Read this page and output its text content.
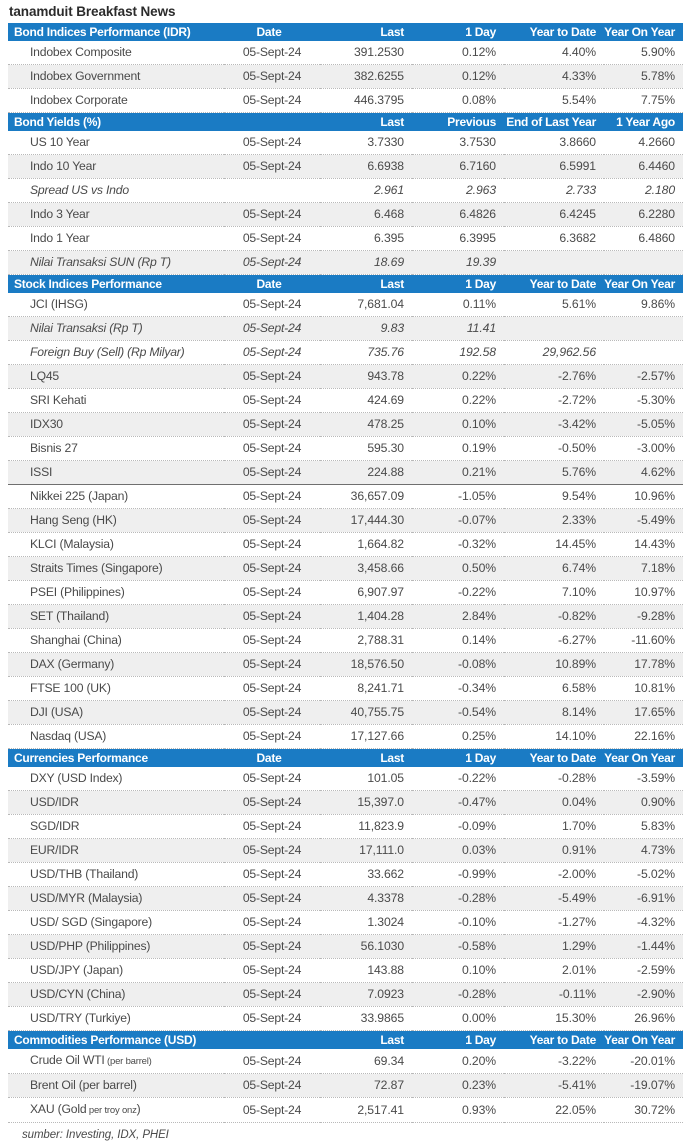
tanamduit Breakfast News
Bond Indices Performance (IDR)	Date	Last	1 Day	Year to Date	Year On Year
Indobex Composite	05-Sept-24	391.2530	0.12%	4.40%	5.90%
Indobex Government	05-Sept-24	382.6255	0.12%	4.33%	5.78%
Indobex Corporate	05-Sept-24	446.3795	0.08%	5.54%	7.75%
Bond Yields (%)		Last	Previous	End of Last Year	1 Year Ago
US 10 Year	05-Sept-24	3.7330	3.7530	3.8660	4.2660
Indo 10 Year	05-Sept-24	6.6938	6.7160	6.5991	6.4460
Spread US vs Indo		2.961	2.963	2.733	2.180
Indo 3 Year	05-Sept-24	6.468	6.4826	6.4245	6.2280
Indo 1 Year	05-Sept-24	6.395	6.3995	6.3682	6.4860
Nilai Transaksi SUN (Rp T)	05-Sept-24	18.69	19.39		
Stock Indices Performance	Date	Last	1 Day	Year to Date	Year On Year
JCI (IHSG)	05-Sept-24	7,681.04	0.11%	5.61%	9.86%
Nilai Transaksi (Rp T)	05-Sept-24	9.83	11.41		
Foreign Buy (Sell) (Rp Milyar)	05-Sept-24	735.76	192.58	29,962.56	
LQ45	05-Sept-24	943.78	0.22%	-2.76%	-2.57%
SRI Kehati	05-Sept-24	424.69	0.22%	-2.72%	-5.30%
IDX30	05-Sept-24	478.25	0.10%	-3.42%	-5.05%
Bisnis 27	05-Sept-24	595.30	0.19%	-0.50%	-3.00%
ISSI	05-Sept-24	224.88	0.21%	5.76%	4.62%
Nikkei 225 (Japan)	05-Sept-24	36,657.09	-1.05%	9.54%	10.96%
Hang Seng (HK)	05-Sept-24	17,444.30	-0.07%	2.33%	-5.49%
KLCI (Malaysia)	05-Sept-24	1,664.82	-0.32%	14.45%	14.43%
Straits Times (Singapore)	05-Sept-24	3,458.66	0.50%	6.74%	7.18%
PSEI (Philippines)	05-Sept-24	6,907.97	-0.22%	7.10%	10.97%
SET (Thailand)	05-Sept-24	1,404.28	2.84%	-0.82%	-9.28%
Shanghai (China)	05-Sept-24	2,788.31	0.14%	-6.27%	-11.60%
DAX (Germany)	05-Sept-24	18,576.50	-0.08%	10.89%	17.78%
FTSE 100 (UK)	05-Sept-24	8,241.71	-0.34%	6.58%	10.81%
DJI (USA)	05-Sept-24	40,755.75	-0.54%	8.14%	17.65%
Nasdaq (USA)	05-Sept-24	17,127.66	0.25%	14.10%	22.16%
Currencies Performance	Date	Last	1 Day	Year to Date	Year On Year
DXY (USD Index)	05-Sept-24	101.05	-0.22%	-0.28%	-3.59%
USD/IDR	05-Sept-24	15,397.0	-0.47%	0.04%	0.90%
SGD/IDR	05-Sept-24	11,823.9	-0.09%	1.70%	5.83%
EUR/IDR	05-Sept-24	17,111.0	0.03%	0.91%	4.73%
USD/THB (Thailand)	05-Sept-24	33.662	-0.99%	-2.00%	-5.02%
USD/MYR (Malaysia)	05-Sept-24	4.3378	-0.28%	-5.49%	-6.91%
USD/ SGD (Singapore)	05-Sept-24	1.3024	-0.10%	-1.27%	-4.32%
USD/PHP (Philippines)	05-Sept-24	56.1030	-0.58%	1.29%	-1.44%
USD/JPY (Japan)	05-Sept-24	143.88	0.10%	2.01%	-2.59%
USD/CYN (China)	05-Sept-24	7.0923	-0.28%	-0.11%	-2.90%
USD/TRY (Turkiye)	05-Sept-24	33.9865	0.00%	15.30%	26.96%
Commodities Performance (USD)		Last	1 Day	Year to Date	Year On Year
Crude Oil WTI (per barrel)	05-Sept-24	69.34	0.20%	-3.22%	-20.01%
Brent Oil (per barrel)	05-Sept-24	72.87	0.23%	-5.41%	-19.07%
XAU (Gold per troy onz)	05-Sept-24	2,517.41	0.93%	22.05%	30.72%
sumber: Investing, IDX, PHEI
